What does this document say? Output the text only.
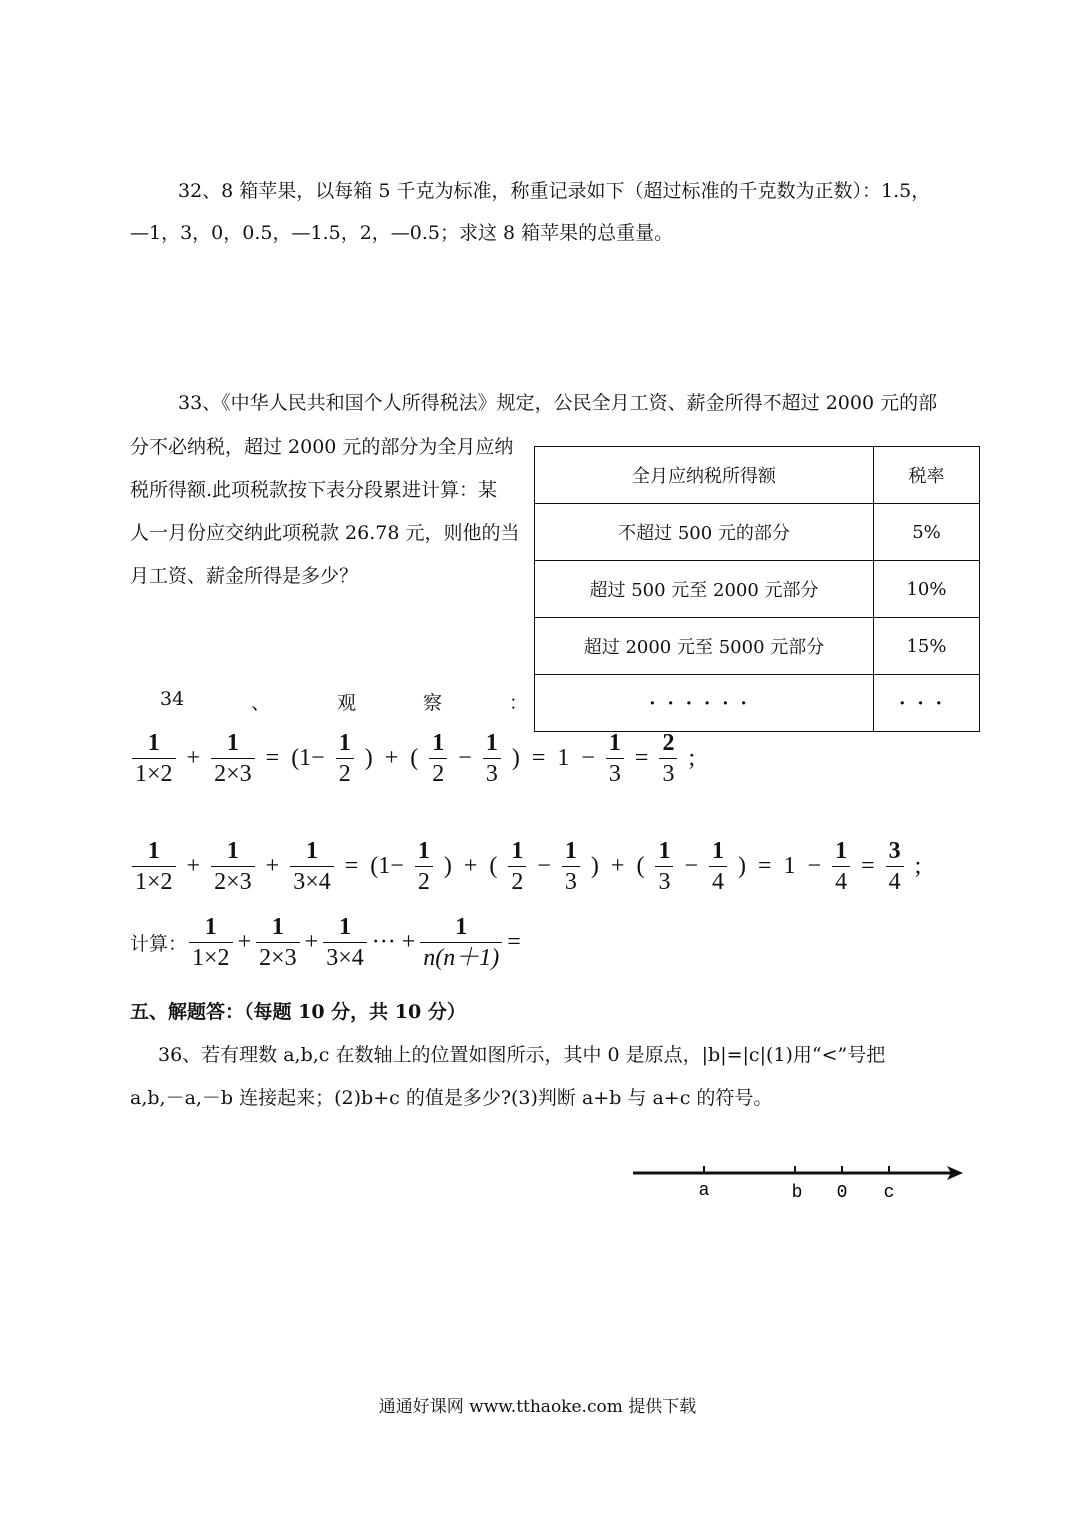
32、8 箱苹果，以每箱 5 千克为标准，称重记录如下（超过标准的千克数为正数）：1.5，
—1，3，0，0.5，—1.5，2，—0.5；求这 8 箱苹果的总重量。
33、《中华人民共和国个人所得税法》规定，公民全月工资、薪金所得不超过 2000 元的部
分不必纳税，超过 2000 元的部分为全月应纳
税所得额.此项税款按下表分段累进计算：某
人一月份应交纳此项税款 26.78 元，则他的当
月工资、薪金所得是多少？
全月应纳税所得额	税率
不超过 500 元的部分	5%
超过 500 元至 2000 元部分	10%
超过 2000 元至 5000 元部分	15%
······	···
34	、	观	察	：
$\frac{1}{1\times 2} + \frac{1}{2\times 3} = (1- \frac{1}{2}$ ) + ( $\frac{1}{2} - \frac{1}{3}$ ) = $1 - \frac{1}{3} = \frac{2}{3}$ ;
$\frac{1}{1\times 2} + \frac{1}{2\times 3} + \frac{1}{3\times 4} = (1- \frac{1}{2}$ ) + ( $\frac{1}{2} - \frac{1}{3}$ ) + ( $\frac{1}{3} - \frac{1}{4}$ ) = $1 - \frac{1}{4} = \frac{3}{4}$ ;
计算： $\frac{1}{1\times 2} + \frac{1}{2\times 3} + \frac{1}{3\times 4}$ ··· + $\frac{1}{n(n+1)}$ =
五、解题答：（每题 10 分，共 10 分）
36、若有理数 a,b,c 在数轴上的位置如图所示，其中 0 是原点，|b|=|c|(1)用“<”号把
a,b,－a,－b 连接起来；(2)b+c 的值是多少?(3)判断 a+b 与 a+c 的符号。
a	b 0 c
通通好课网 www.tthaoke.com 提供下载
